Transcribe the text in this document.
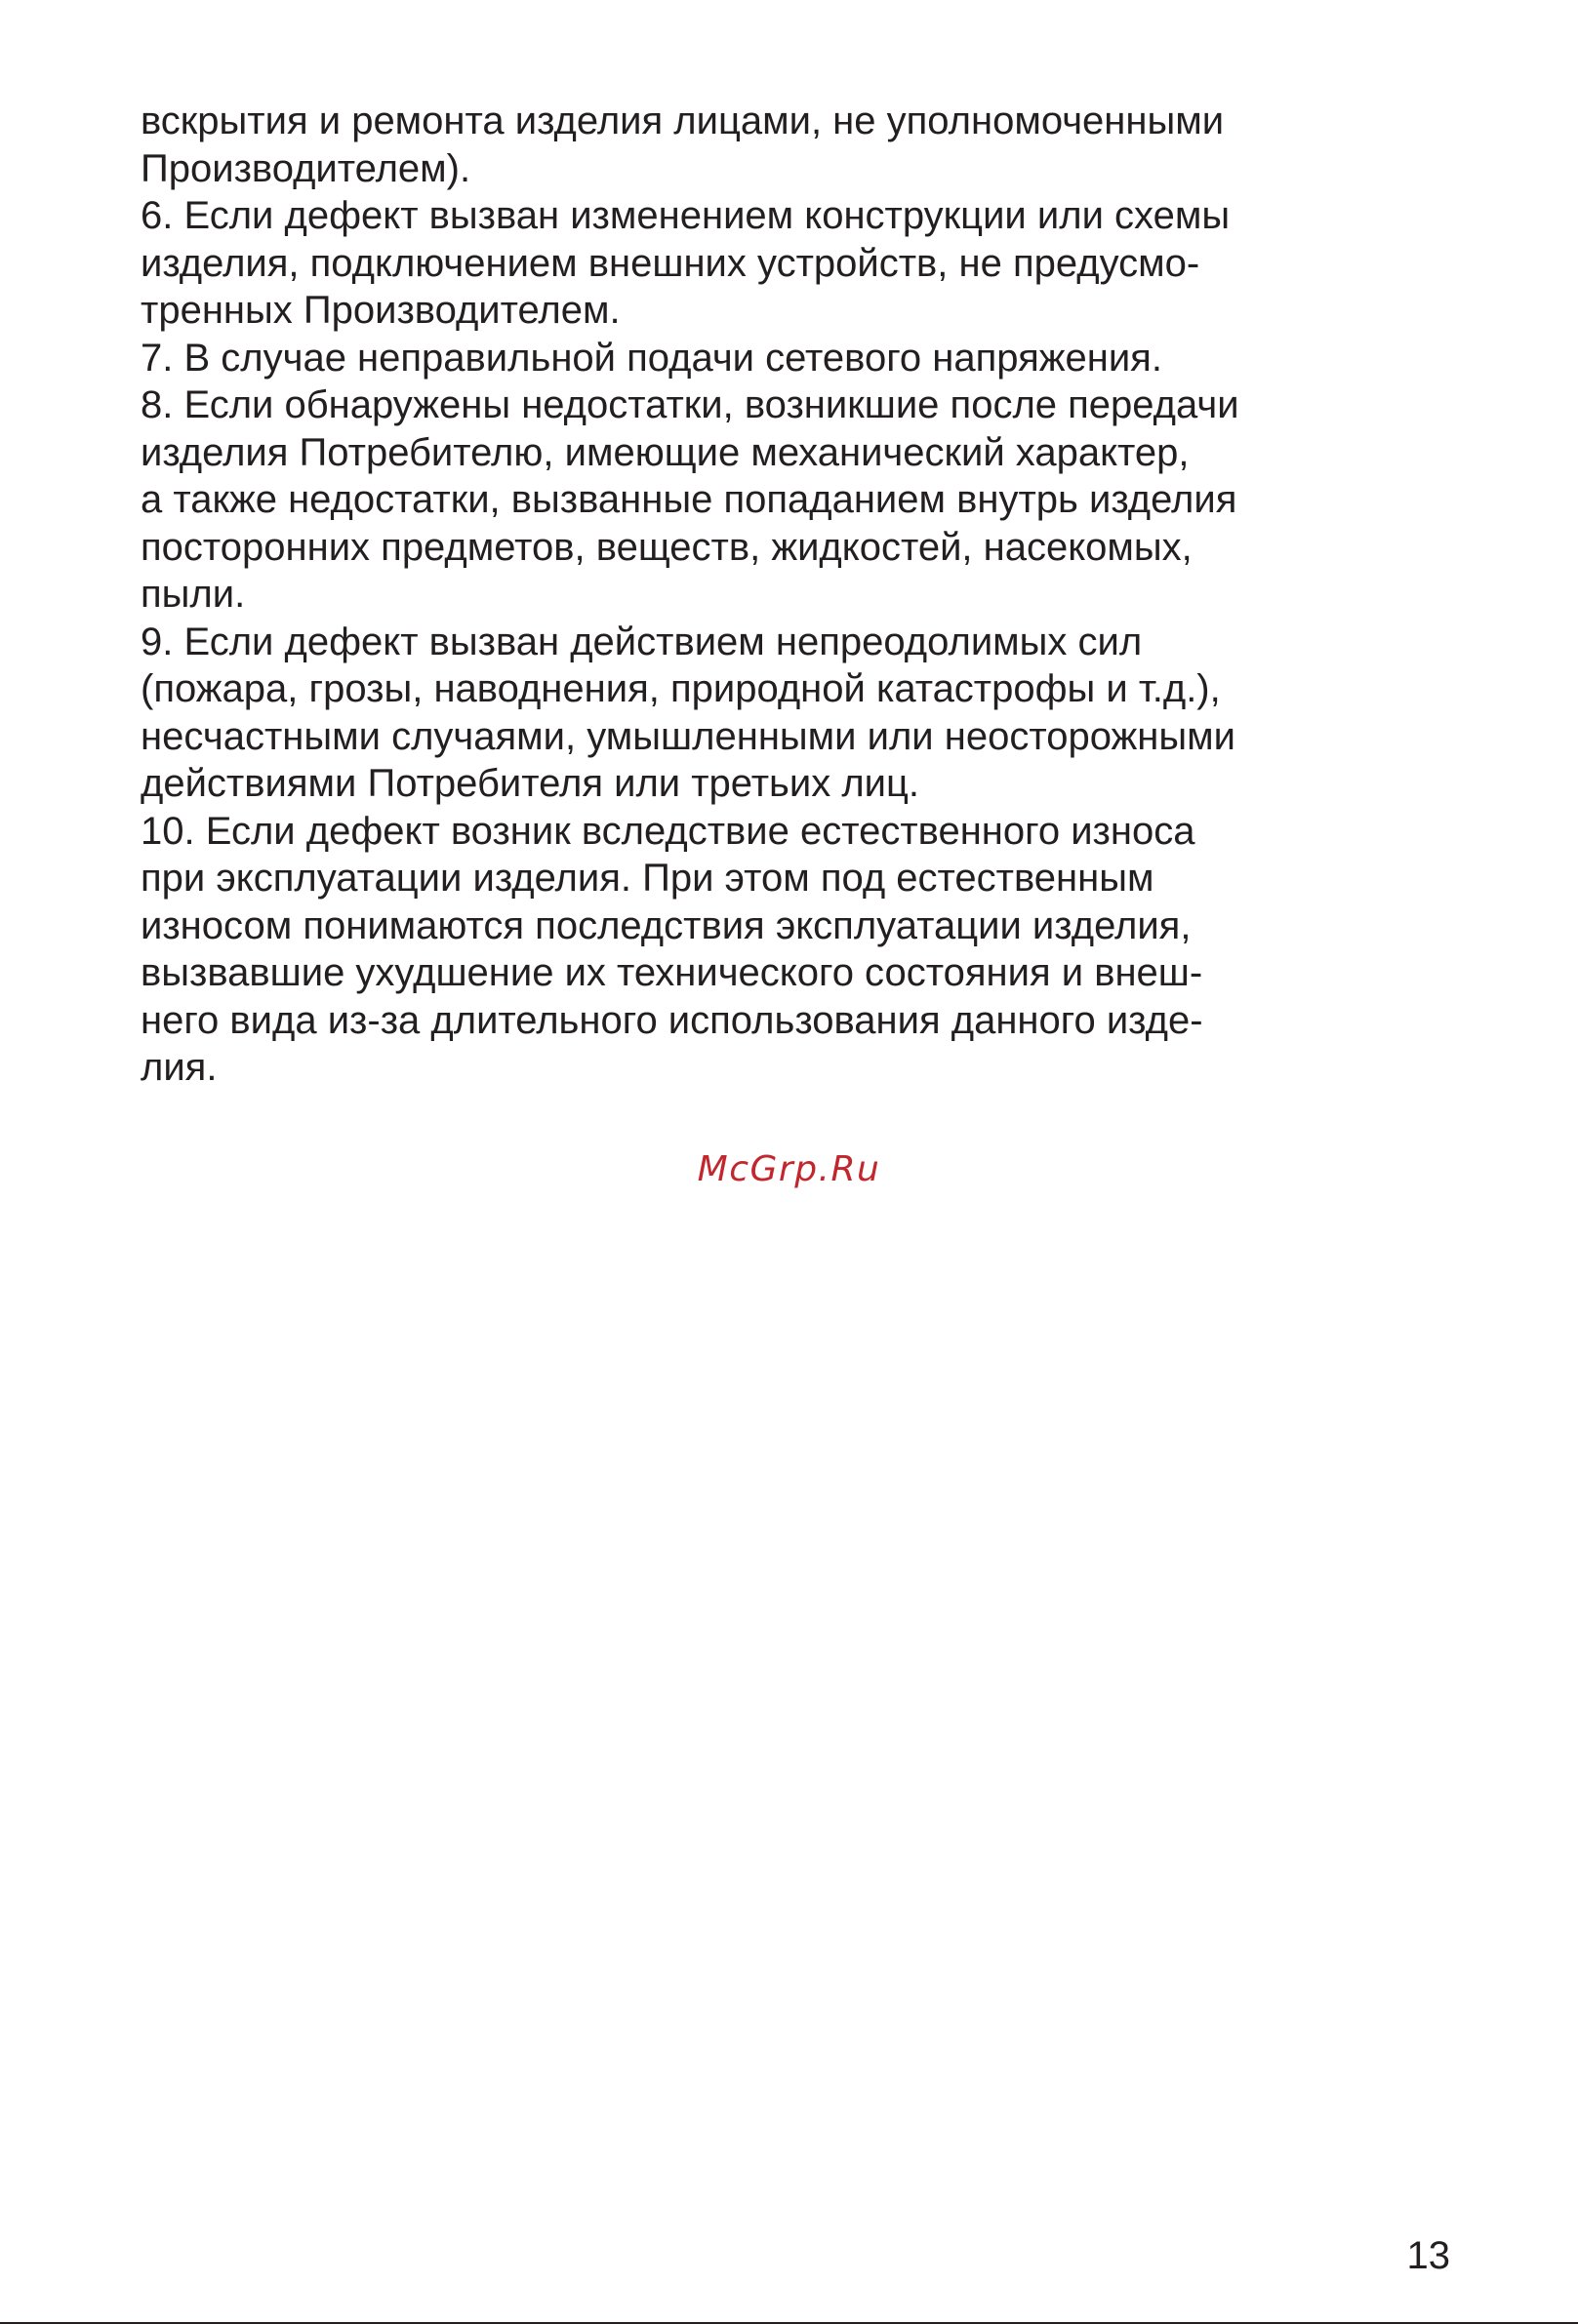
вскрытия и ремонта изделия лицами, не уполномоченными
Производителем).
6. Если дефект вызван изменением конструкции или схемы
изделия, подключением внешних устройств, не предусмо-
тренных Производителем.
7. В случае неправильной подачи сетевого напряжения.
8. Если обнаружены недостатки, возникшие после передачи
изделия Потребителю, имеющие механический характер,
а также недостатки, вызванные попаданием внутрь изделия
посторонних предметов, веществ, жидкостей, насекомых,
пыли.
9. Если дефект вызван действием непреодолимых сил
(пожара, грозы, наводнения, природной катастрофы и т.д.),
несчастными случаями, умышленными или неосторожными
действиями Потребителя или третьих лиц.
10. Если дефект возник вследствие естественного износа
при эксплуатации изделия. При этом под естественным
износом понимаются последствия эксплуатации изделия,
вызвавшие ухудшение их технического состояния и внеш-
него вида из-за длительного использования данного изде-
лия.
McGrp.Ru
13
